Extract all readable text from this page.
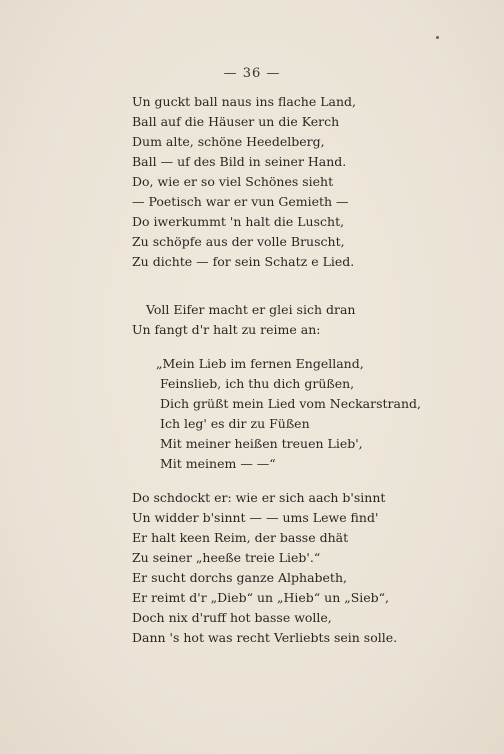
— 36 —
Un guckt ball naus ins flache Land,
Ball auf die Häuser un die Kerch
Dum alte, schöne Heedelberg,
Ball — uf des Bild in seiner Hand.
Do, wie er so viel Schönes sieht
— Poetisch war er vun Gemieth —
Do iwerkummt 'n halt die Luscht,
Zu schöpfe aus der volle Bruscht,
Zu dichte — for sein Schatz e Lied.
Voll Eifer macht er glei sich dran
Un fangt d'r halt zu reime an:
„Mein Lieb im fernen Engelland,
Feinslieb, ich thu dich grüßen,
Dich grüßt mein Lied vom Neckarstrand,
Ich leg' es dir zu Füßen
Mit meiner heißen treuen Lieb',
Mit meinem — —“
Do schdockt er: wie er sich aach b'sinnt
Un widder b'sinnt — — ums Lewe find'
Er halt keen Reim, der basse dhät
Zu seiner „heeße treie Lieb'.“
Er sucht dorchs ganze Alphabeth,
Er reimt d'r „Dieb“ un „Hieb“ un „Sieb“,
Doch nix d'ruff hot basse wolle,
Dann 's hot was recht Verliebts sein solle.
